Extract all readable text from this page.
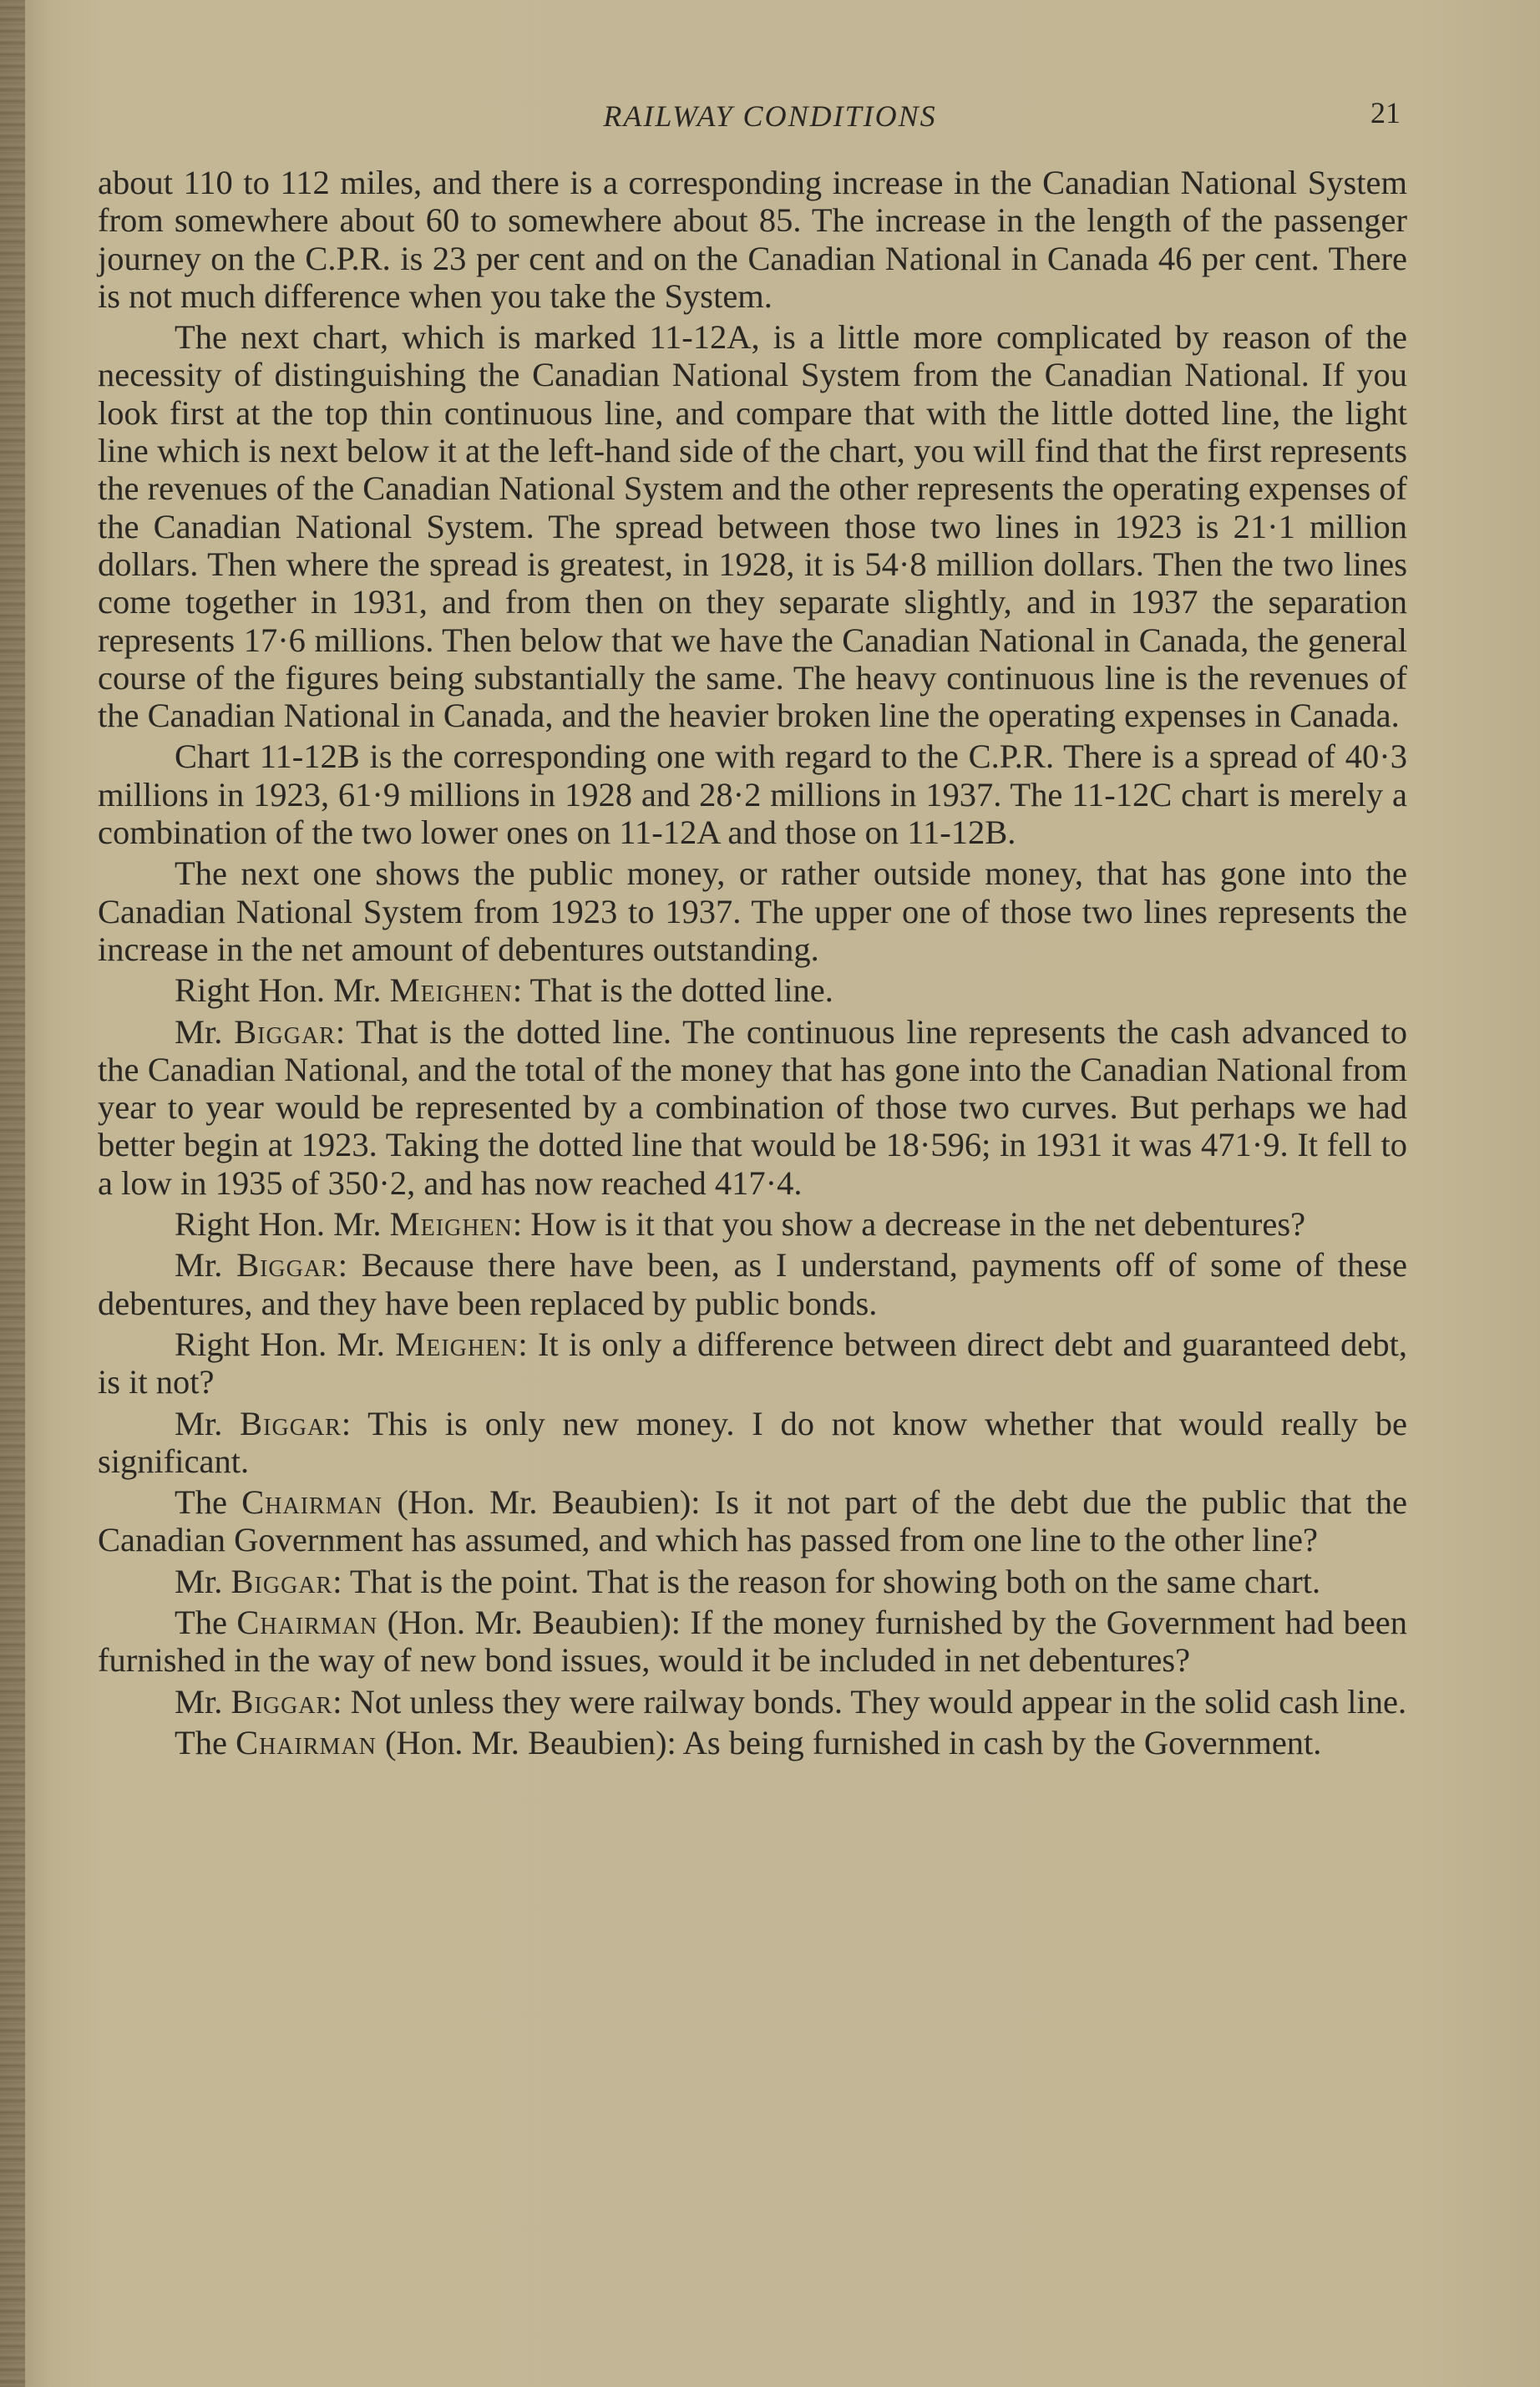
RAILWAY CONDITIONS	21

about 110 to 112 miles, and there is a corresponding increase in the Canadian National System from somewhere about 60 to somewhere about 85. The increase in the length of the passenger journey on the C.P.R. is 23 per cent and on the Canadian National in Canada 46 per cent. There is not much difference when you take the System.

The next chart, which is marked 11-12A, is a little more complicated by reason of the necessity of distinguishing the Canadian National System from the Canadian National. If you look first at the top thin continuous line, and compare that with the little dotted line, the light line which is next below it at the left-hand side of the chart, you will find that the first represents the revenues of the Canadian National System and the other represents the operating expenses of the Canadian National System. The spread between those two lines in 1923 is 21·1 million dollars. Then where the spread is greatest, in 1928, it is 54·8 million dollars. Then the two lines come together in 1931, and from then on they separate slightly, and in 1937 the separation represents 17·6 millions. Then below that we have the Canadian National in Canada, the general course of the figures being substantially the same. The heavy continuous line is the revenues of the Canadian National in Canada, and the heavier broken line the operating expenses in Canada.

Chart 11-12B is the corresponding one with regard to the C.P.R. There is a spread of 40·3 millions in 1923, 61·9 millions in 1928 and 28·2 millions in 1937. The 11-12C chart is merely a combination of the two lower ones on 11-12A and those on 11-12B.

The next one shows the public money, or rather outside money, that has gone into the Canadian National System from 1923 to 1937. The upper one of those two lines represents the increase in the net amount of debentures outstanding.

Right Hon. Mr. Meighen: That is the dotted line.

Mr. Biggar: That is the dotted line. The continuous line represents the cash advanced to the Canadian National, and the total of the money that has gone into the Canadian National from year to year would be represented by a combination of those two curves. But perhaps we had better begin at 1923. Taking the dotted line that would be 18·596; in 1931 it was 471·9. It fell to a low in 1935 of 350·2, and has now reached 417·4.

Right Hon. Mr. Meighen: How is it that you show a decrease in the net debentures?

Mr. Biggar: Because there have been, as I understand, payments off of some of these debentures, and they have been replaced by public bonds.

Right Hon. Mr. Meighen: It is only a difference between direct debt and guaranteed debt, is it not?

Mr. Biggar: This is only new money. I do not know whether that would really be significant.

The Chairman (Hon. Mr. Beaubien): Is it not part of the debt due the public that the Canadian Government has assumed, and which has passed from one line to the other line?

Mr. Biggar: That is the point. That is the reason for showing both on the same chart.

The Chairman (Hon. Mr. Beaubien): If the money furnished by the Government had been furnished in the way of new bond issues, would it be included in net debentures?

Mr. Biggar: Not unless they were railway bonds. They would appear in the solid cash line.

The Chairman (Hon. Mr. Beaubien): As being furnished in cash by the Government.
